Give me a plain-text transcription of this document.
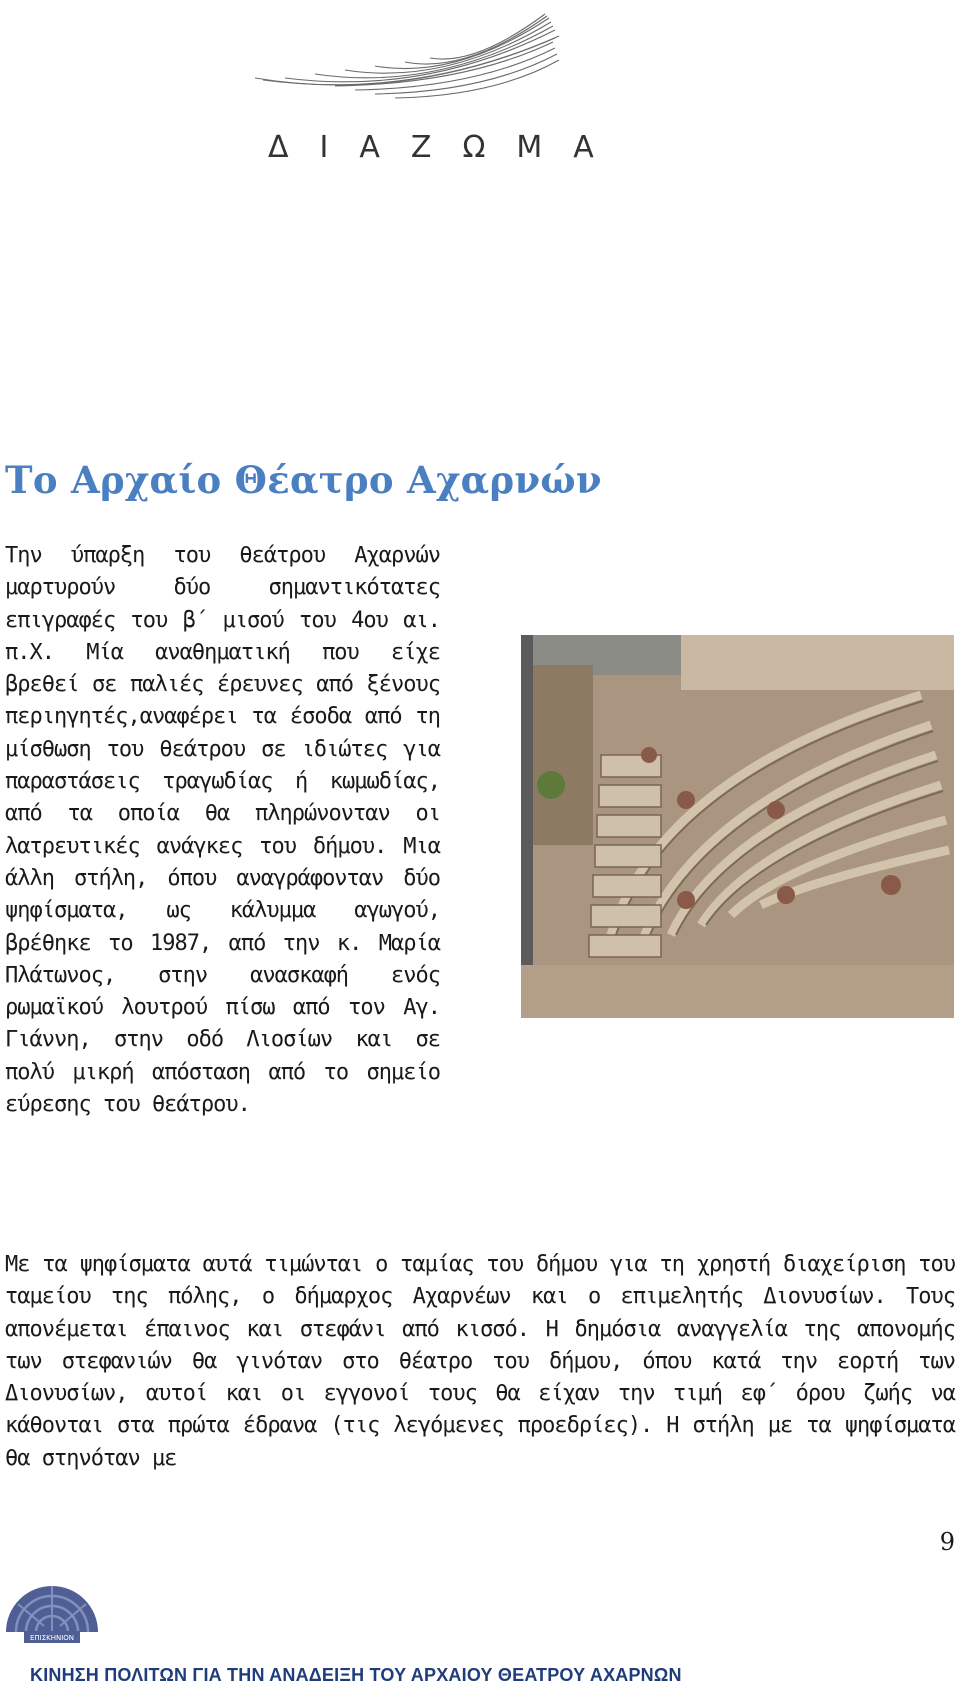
ΔΙΑΖΩΜΑ
Το Αρχαίο Θέατρο Αχαρνών

Την ύπαρξη του θεάτρου Αχαρνών μαρτυρούν δύο σημαντικότατες επιγραφές του β΄ μισού του 4ου αι. π.Χ. Μία αναθηματική που είχε βρεθεί σε παλιές έρευνες από ξένους περιηγητές,αναφέρει τα έσοδα από τη μίσθωση του θεάτρου σε ιδιώτες για παραστάσεις τραγωδίας ή κωμωδίας, από τα οποία θα πληρώνονταν οι λατρευτικές ανάγκες του δήμου. Μια άλλη στήλη, όπου αναγράφονταν δύο ψηφίσματα, ως κάλυμμα αγωγού, βρέθηκε το 1987, από την κ. Μαρία Πλάτωνος, στην ανασκαφή ενός ρωμαϊκού λουτρού πίσω από τον Αγ. Γιάννη, στην οδό Λιοσίων και σε πολύ μικρή απόσταση από το σημείο εύρεσης του θεάτρου.

Με τα ψηφίσματα αυτά τιμώνται ο ταμίας του δήμου για τη χρηστή διαχείριση του ταμείου της πόλης, ο δήμαρχος Αχαρνέων και ο επιμελητής Διονυσίων. Τους απονέμεται έπαινος και στεφάνι από κισσό. Η δημόσια αναγγελία της απονομής των στεφανιών θα γινόταν στο θέατρο του δήμου, όπου κατά την εορτή των Διονυσίων, αυτοί και οι εγγονοί τους θα είχαν την τιμή εφ΄ όρου ζωής να κάθονται στα πρώτα έδρανα (τις λεγόμενες προεδρίες). Η στήλη με τα ψηφίσματα θα στηνόταν με

9
ΕΠΙΣΚΗΝΙΟΝ
ΚΙΝΗΣΗ ΠΟΛΙΤΩΝ ΓΙΑ ΤΗΝ ΑΝΑΔΕΙΞΗ ΤΟΥ ΑΡΧΑΙΟΥ ΘΕΑΤΡΟΥ ΑΧΑΡΝΩΝ
